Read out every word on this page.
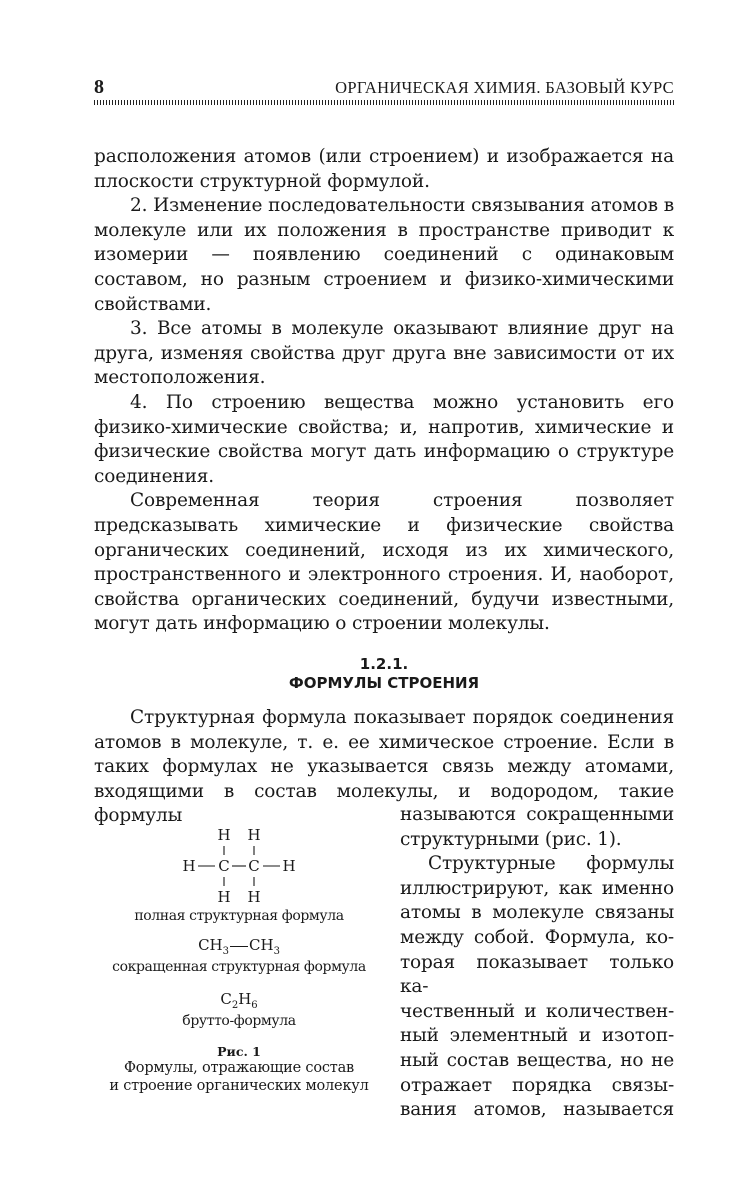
8	ОРГАНИЧЕСКАЯ ХИМИЯ. БАЗОВЫЙ КУРС

расположения атомов (или строением) и изображается на плоскости структурной формулой.

2. Изменение последовательности связывания атомов в молекуле или их положения в пространстве приводит к изомерии — появлению соединений с одинаковым составом, но разным строением и физико-химическими свойствами.

3. Все атомы в молекуле оказывают влияние друг на друга, изменяя свойства друг друга вне зависимости от их местоположения.

4. По строению вещества можно установить его физико-химические свойства; и, напротив, химические и физические свойства могут дать информацию о структуре соединения.

Современная теория строения позволяет предсказывать химические и физические свойства органических соединений, исходя из их химического, пространственного и электронного строения. И, наоборот, свойства органических соединений, будучи известными, могут дать информацию о строении молекулы.

1.2.1.
ФОРМУЛЫ СТРОЕНИЯ

Структурная формула показывает порядок соединения атомов в молекуле, т. е. ее химическое строение. Если в таких формулах не указывается связь между атомами, входящими в состав молекулы, и водородом, такие формулы	называются сокращенными
структурными (рис. 1).
Структурные формулы
иллюстрируют, как именно
атомы в молекуле связаны
между собой. Формула, ко-
торая показывает только ка-
чественный и количествен-
ный элементный и изотоп-
ный состав вещества, но не
отражает порядка связы-
вания атомов, называется
H H
H C C H
H H
полная структурная формула
$CH_3$ $CH_3$
сокращенная структурная формула
$C_2H_6$
брутто-формула
Рис. 1
Формулы, отражающие состав
и строение органических молекул
